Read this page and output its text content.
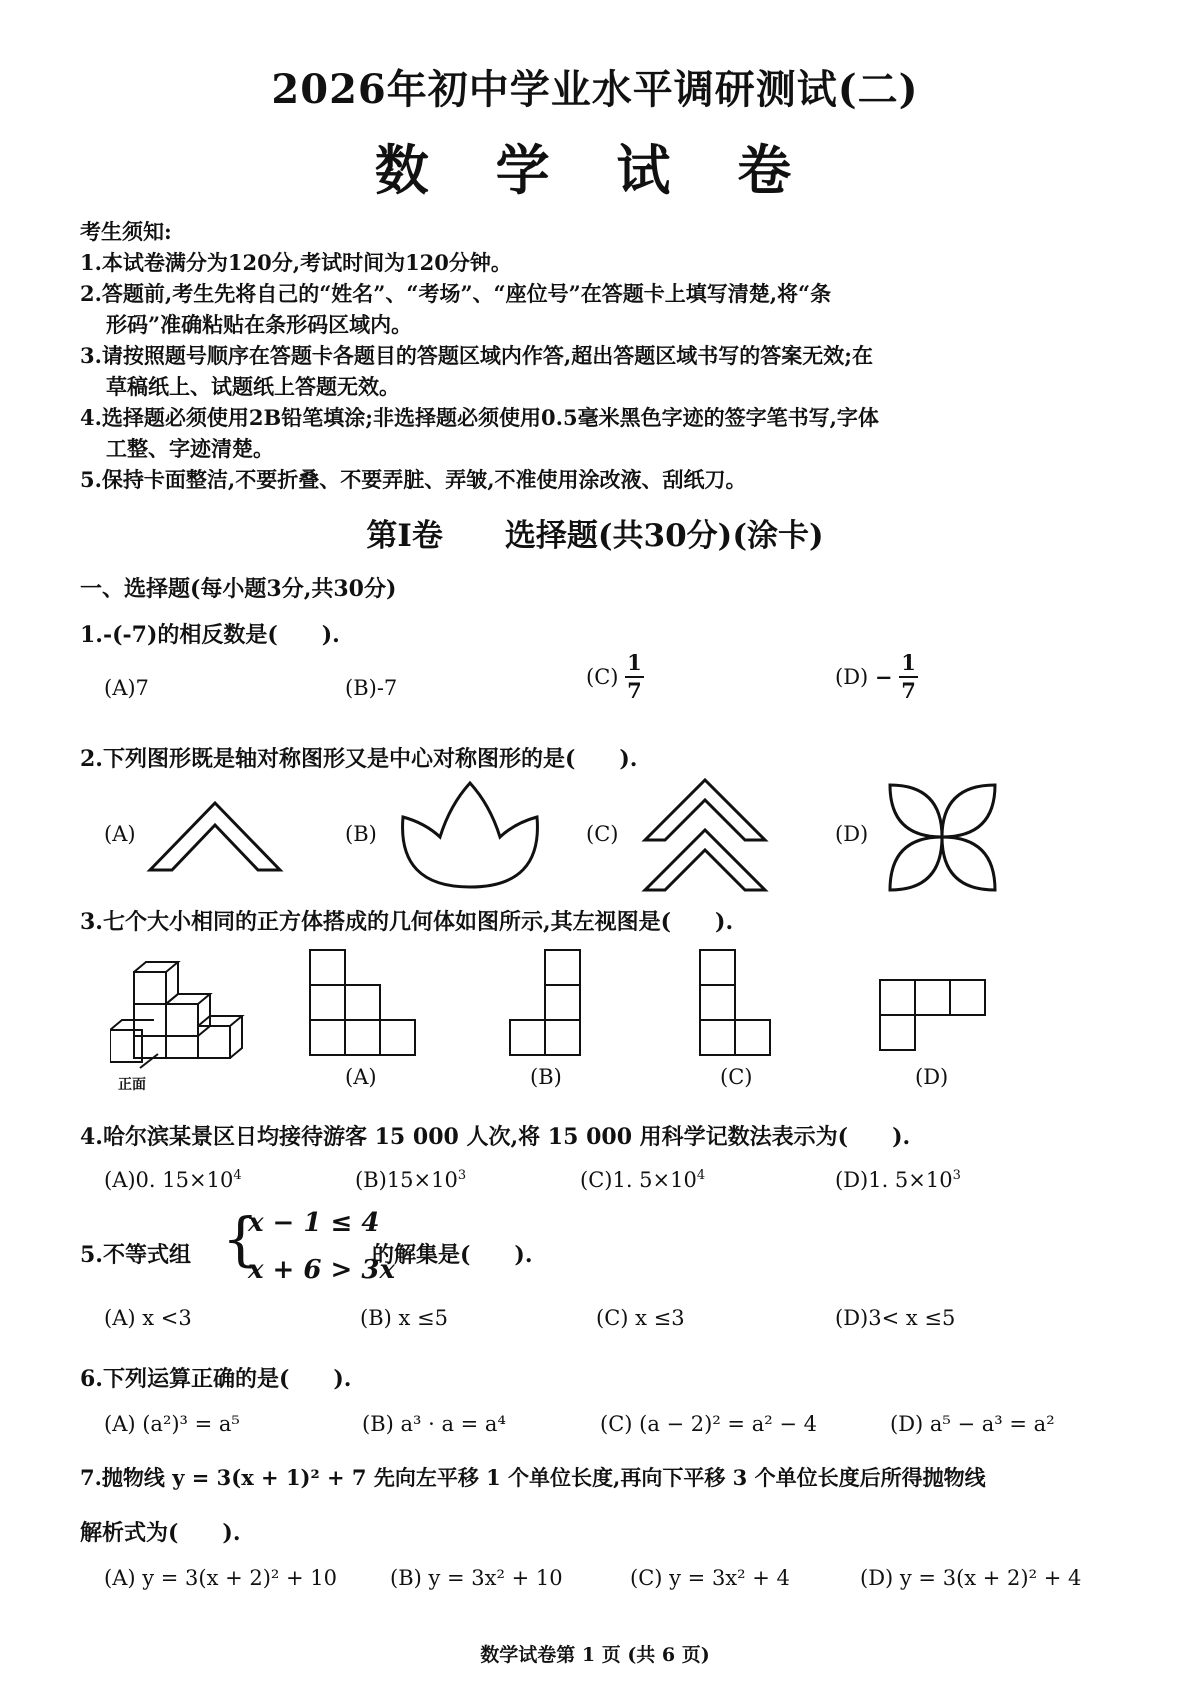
2026年初中学业水平调研测试(二)
数 学 试 卷
考生须知:
1.本试卷满分为120分,考试时间为120分钟。
2.答题前,考生先将自己的“姓名”、“考场”、“座位号”在答题卡上填写清楚,将“条
形码”准确粘贴在条形码区域内。
3.请按照题号顺序在答题卡各题目的答题区域内作答,超出答题区域书写的答案无效;在
草稿纸上、试题纸上答题无效。
4.选择题必须使用2B铅笔填涂;非选择题必须使用0.5毫米黑色字迹的签字笔书写,字体
工整、字迹清楚。
5.保持卡面整洁,不要折叠、不要弄脏、弄皱,不准使用涂改液、刮纸刀。
第Ⅰ卷　　选择题(共30分)(涂卡)
一、选择题(每小题3分,共30分)
1.-(-7)的相反数是(　　).
(A)7	(B)-7	$(C) \frac{1}{7}$	$(D) - \frac{1}{7}$
2.下列图形既是轴对称图形又是中心对称图形的是(　　).
(A)	(B)	(C)	(D)
3.七个大小相同的正方体搭成的几何体如图所示,其左视图是(　　).
正面	(A)	(B)	(C)	(D)
4.哈尔滨某景区日均接待游客 15 000 人次,将 15 000 用科学记数法表示为(　　).
(A)0. $15\times 10^4$	$(B)15\times 10^3$	(C)1. $5\times 10^4$	(D)1. $5\times 10^3$
5.不等式组 {
x − 1 ≤ 4
x + 6 > 3x
的解集是(　　).
(A) x <3	(B) x ≤5	(C) x ≤3	(D)3< x ≤5
6.下列运算正确的是(　　).
(A) (a²)³ = a⁵	(B) a³ · a = a⁴	(C) (a − 2)² = a² − 4	(D) a⁵ − a³ = a²
7.抛物线 y = 3(x + 1)² + 7 先向左平移 1 个单位长度,再向下平移 3 个单位长度后所得抛物线
解析式为(　　).
(A) y = 3(x + 2)² + 10	(B) y = 3x² + 10	(C) y = 3x² + 4	(D) y = 3(x + 2)² + 4
数学试卷第 1 页 (共 6 页)
